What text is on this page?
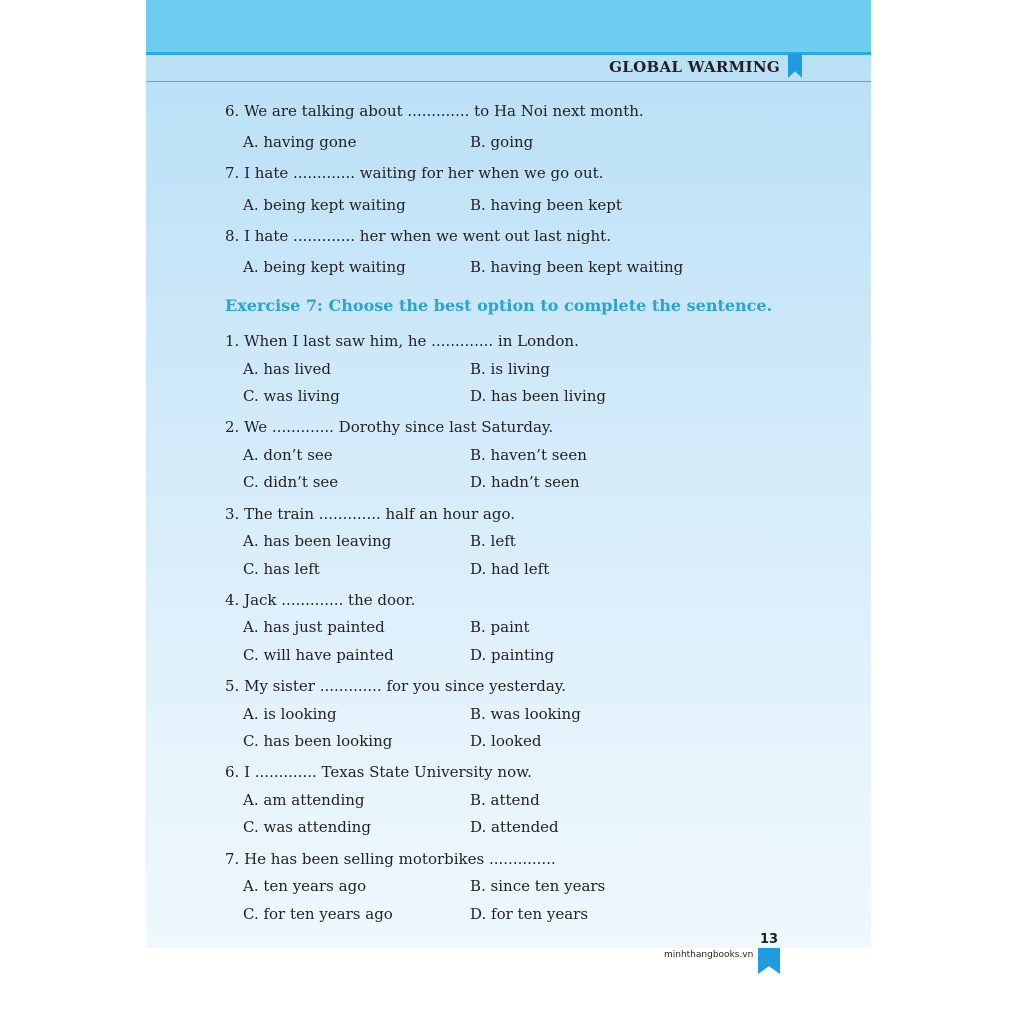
GLOBAL WARMING
6. We are talking about ............. to Ha Noi next month.
A. having gone	B. going
7. I hate ............. waiting for her when we go out.
A. being kept waiting	B. having been kept
8. I hate ............. her when we went out last night.
A. being kept waiting	B. having been kept waiting
Exercise 7: Choose the best option to complete the sentence.
1. When I last saw him, he ............. in London.
A. has lived	B. is living
C. was living	D. has been living
2. We ............. Dorothy since last Saturday.
A. don’t see	B. haven’t seen
C. didn’t see	D. hadn’t seen
3. The train ............. half an hour ago.
A. has been leaving	B. left
C. has left	D. had left
4. Jack ............. the door.
A. has just painted	B. paint
C. will have painted	D. painting
5. My sister ............. for you since yesterday.
A. is looking	B. was looking
C. has been looking	D. looked
6. I ............. Texas State University now.
A. am attending	B. attend
C. was attending	D. attended
7. He has been selling motorbikes ..............
A. ten years ago	B. since ten years
C. for ten years ago	D. for ten years
13
minhthangbooks.vn
